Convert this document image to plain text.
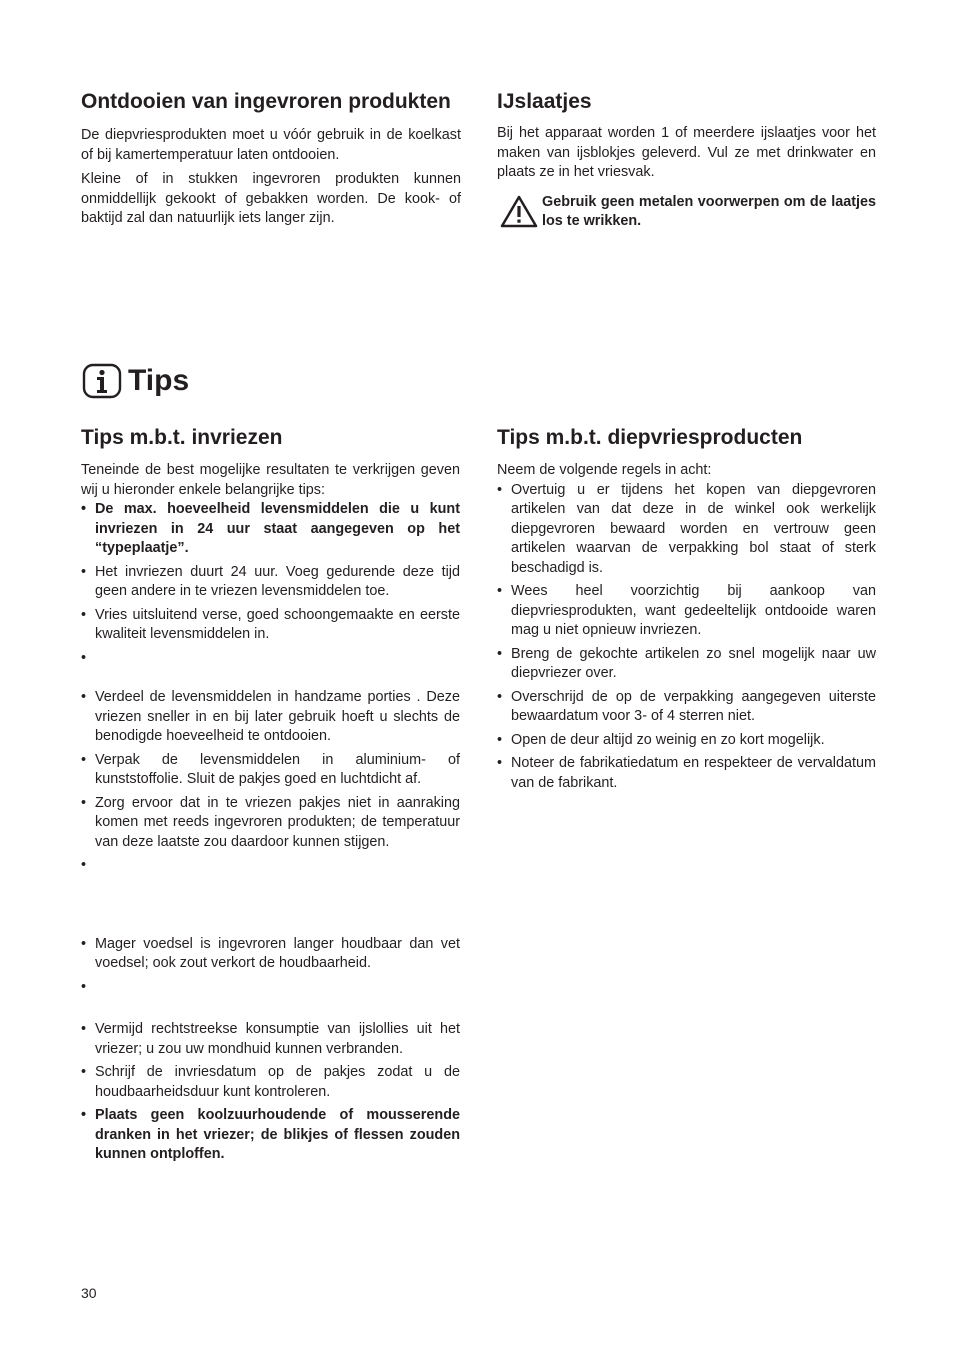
Ontdooien van ingevroren produkten

De diepvriesprodukten moet u vóór gebruik in de koelkast of bij kamertemperatuur laten ontdooien.

Kleine of in stukken ingevroren produkten kunnen onmiddellijk gekookt of gebakken worden. De kook- of baktijd zal dan natuurlijk iets langer zijn.

IJslaatjes

Bij het apparaat worden 1 of meerdere ijslaatjes voor het maken van ijsblokjes geleverd. Vul ze met drinkwater en plaats ze in het vriesvak.

Gebruik geen metalen voorwerpen om de laatjes los te wrikken.
Tips
Tips m.b.t. invriezen

Teneinde de best mogelijke resultaten te verkrijgen geven wij u hieronder enkele belangrijke tips:

• De max. hoeveelheid levensmiddelen die u kunt invriezen in 24 uur staat aangegeven op het “typeplaatje”.
• Het invriezen duurt 24 uur. Voeg gedurende deze tijd geen andere in te vriezen levensmiddelen toe.
• Vries uitsluitend verse, goed schoongemaakte en eerste kwaliteit levensmiddelen in.
•
• Verdeel de levensmiddelen in handzame porties . Deze vriezen sneller in en bij later gebruik hoeft u slechts de benodigde hoeveelheid te ontdooien.
• Verpak de levensmiddelen in aluminium- of kunststoffolie. Sluit de pakjes goed en luchtdicht af.
• Zorg ervoor dat in te vriezen pakjes niet in aanraking komen met reeds ingevroren produkten; de temperatuur van deze laatste zou daardoor kunnen stijgen.
•
• Mager voedsel is ingevroren langer houdbaar dan vet voedsel; ook zout verkort de houdbaarheid.
•
• Vermijd rechtstreekse konsumptie van ijslollies uit het vriezer; u zou uw mondhuid kunnen verbranden.
• Schrijf de invriesdatum op de pakjes zodat u de houdbaarheidsduur kunt kontroleren.
• Plaats geen koolzuurhoudende of mousserende dranken in het vriezer; de blikjes of flessen zouden kunnen ontploffen.
Tips m.b.t. diepvriesproducten

Neem de volgende regels in acht:

• Overtuig u er tijdens het kopen van diepgevroren artikelen van dat deze in de winkel ook werkelijk diepgevroren bewaard worden en vertrouw geen artikelen waarvan de verpakking bol staat of sterk beschadigd is.
• Wees heel voorzichtig bij aankoop van diepvriesprodukten, want gedeeltelijk ontdooide waren mag u niet opnieuw invriezen.
• Breng de gekochte artikelen zo snel mogelijk naar uw diepvriezer over.
• Overschrijd de op de verpakking aangegeven uiterste bewaardatum voor 3- of 4 sterren niet.
• Open de deur altijd zo weinig en zo kort mogelijk.
• Noteer de fabrikatiedatum en respekteer de vervaldatum van de fabrikant.
30
